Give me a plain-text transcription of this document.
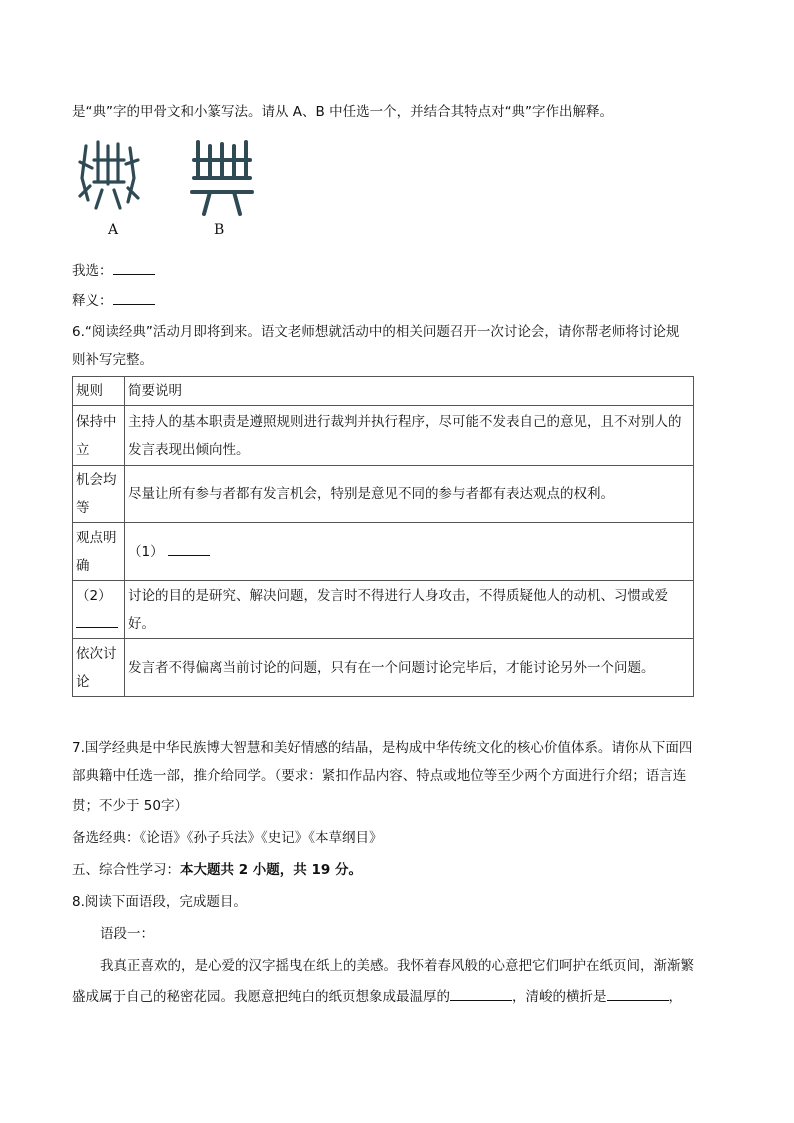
是“典”字的甲骨文和小篆写法。请从 A、B 中任选一个，并结合其特点对“典”字作出解释。
A	B
我选：
释义：
6.“阅读经典”活动月即将到来。语文老师想就活动中的相关问题召开一次讨论会，请你帮老师将讨论规
则补写完整。
规则	简要说明
保持中立	主持人的基本职责是遵照规则进行裁判并执行程序，尽可能不发表自己的意见，且不对别人的发言表现出倾向性。
机会均等	尽量让所有参与者都有发言机会，特别是意见不同的参与者都有表达观点的权利。
观点明确	（1）
（2）	讨论的目的是研究、解决问题，发言时不得进行人身攻击，不得质疑他人的动机、习惯或爱好。
依次讨论	发言者不得偏离当前讨论的问题，只有在一个问题讨论完毕后，才能讨论另外一个问题。
7.国学经典是中华民族博大智慧和美好情感的结晶，是构成中华传统文化的核心价值体系。请你从下面四
部典籍中任选一部，推介给同学。（要求：紧扣作品内容、特点或地位等至少两个方面进行介绍；语言连
贯；不少于 50字）
备选经典：《论语》《孙子兵法》《史记》《本草纲目》
五、综合性学习：本大题共 2 小题，共 19 分。
8.阅读下面语段，完成题目。
语段一：
我真正喜欢的，是心爱的汉字摇曳在纸上的美感。我怀着春风般的心意把它们呵护在纸页间，渐渐繁
盛成属于自己的秘密花园。我愿意把纯白的纸页想象成最温厚的	，清峻的横折是	，
